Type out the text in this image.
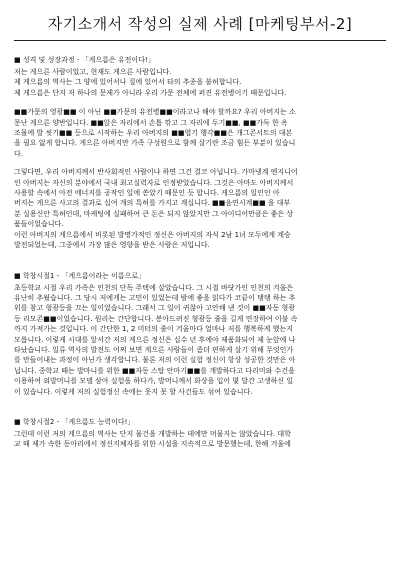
자기소개서 작성의 실제 사례 [마케팅부서-2]
■ 성격 및 성장과정 - 「게으름은 유전이다!」
저는 게으른 사람이었고, 현재도 게으른 사람입니다.
제 게으름의 역사는 그 양에 있어서나 질에 있어서 타의 추종을 불허합니다.
제 게으름은 단지 저 하나의 문제가 아니라 우리 가문 전체에 퍼진 유전병이기 때문입니다.
■■가문의 영광■■ 이 아닌 ■■가문의 유전병■■이라고나 해야 할까요? 우리 아버지는 소
문난 게으른 양반입니다. ■■앉은 자리에서 손톱 깎고 그 자리에 두기■■, ■■가득 한 옥
조물에 발 씻기■■ 등으로 시작하는 우리 아버지의 ■■엽기 행각■■은 개그콘서트의 대본
을 필요 없게 합니다. 게으른 아버지만 가족 구성원으로 함께 살기란 조금 힘든 부분이 있습니
다.
그렇다면, 우리 아버지께서 반사회적인 사람이냐 하면 그건 결코 아닙니다. 가마냉계 엔지니어
인 아버지는 자신의 분야에서 국내 최고실력자로 인정받았습니다. 그것은 아마도 아버지께서
사용할 속에서 아전 에너지를 공작인 일에 쏟았기 때문인 듯 합니다. 게으름의 일인인 아
버지는 게으른 사고의 결과로 십여 개의 특허를 가지고 계십니다. ■■음연시계■■ 을 대부
분 실용신안 특허인데, 마케팅에 실패하여 큰 돈은 되지 않았지만 그 아이디어만큼은 좋은 상
품들이었습니다.
이런 아버지의 게으름에서 비롯된 발명가적인 정신은 아버지의 자식 2남 1녀 모두에게 계승
발전되었는데, 그중에서 가장 많은 영향을 받은 사람은 저입니다.
■ 학창시절1 - 「게으름이라는 이름으로」
초등학교 시절 우리 가족은 인천의 단독 주택에 살았습니다. 그 시절 바닷가인 인천의 겨울은
유난히 추웠습니다. 그 당시 저에게는 고민이 있었는데 밤에 좋을 읽다가 코끝이 탱탱 하는 추
위를 참고 형광등을 끄는 일이었습니다. 그래서 그 일이 귀찮아 고안해 낸 것이 ■■자동 형광
등 리모콘■■이었습니다. 원리는 간단합니다. 봉아드려진 형광등 줄을 길게 연장하여 이불 속
까지 가져가는 것입니다. 이 간단한 1, 2 미터의 줄이 겨울마다 얼마나 저를 행복하게 했는지
모릅니다. 이렇게 시대를 앞서간 저의 게으른 정신은 십수 년 후에야 제품화되어 제 눈앞에 나
타났습니다. 일류 역사의 발전도 어찌 보면 게으른 사람들이 좀더 편하게 살기 위해 무엇인가
를 만들어내는 과정이 아닌가 생각합니다. 물론 저의 이런 실험 정신이 항상 성공한 것만은 아
닙니다. 중학교 때는 발마니를 위한 ■■자동 스탑 안마기■■를 개발하다고 다리미와 수건을
이용하여 외발머니를 모델 삼아 실험을 하다가, 발머니께서 화상을 입어 몇 달간 고생하신 일
이 있습니다. 이렇게 저의 실험정신 속에는 웃지 못 할 사건들도 섞여 있습니다.
■ 학창시절2 - 「게으름도 능력이다!」
그런데 이런 저의 게으름의 역사는 단지 물건을 개발하는 데에만 머물지는 않았습니다. 대학
교 때 제가 속한 동아리에서 정신지체자를 위한 시설을 지속적으로 방문했는데, 한해 겨울에
